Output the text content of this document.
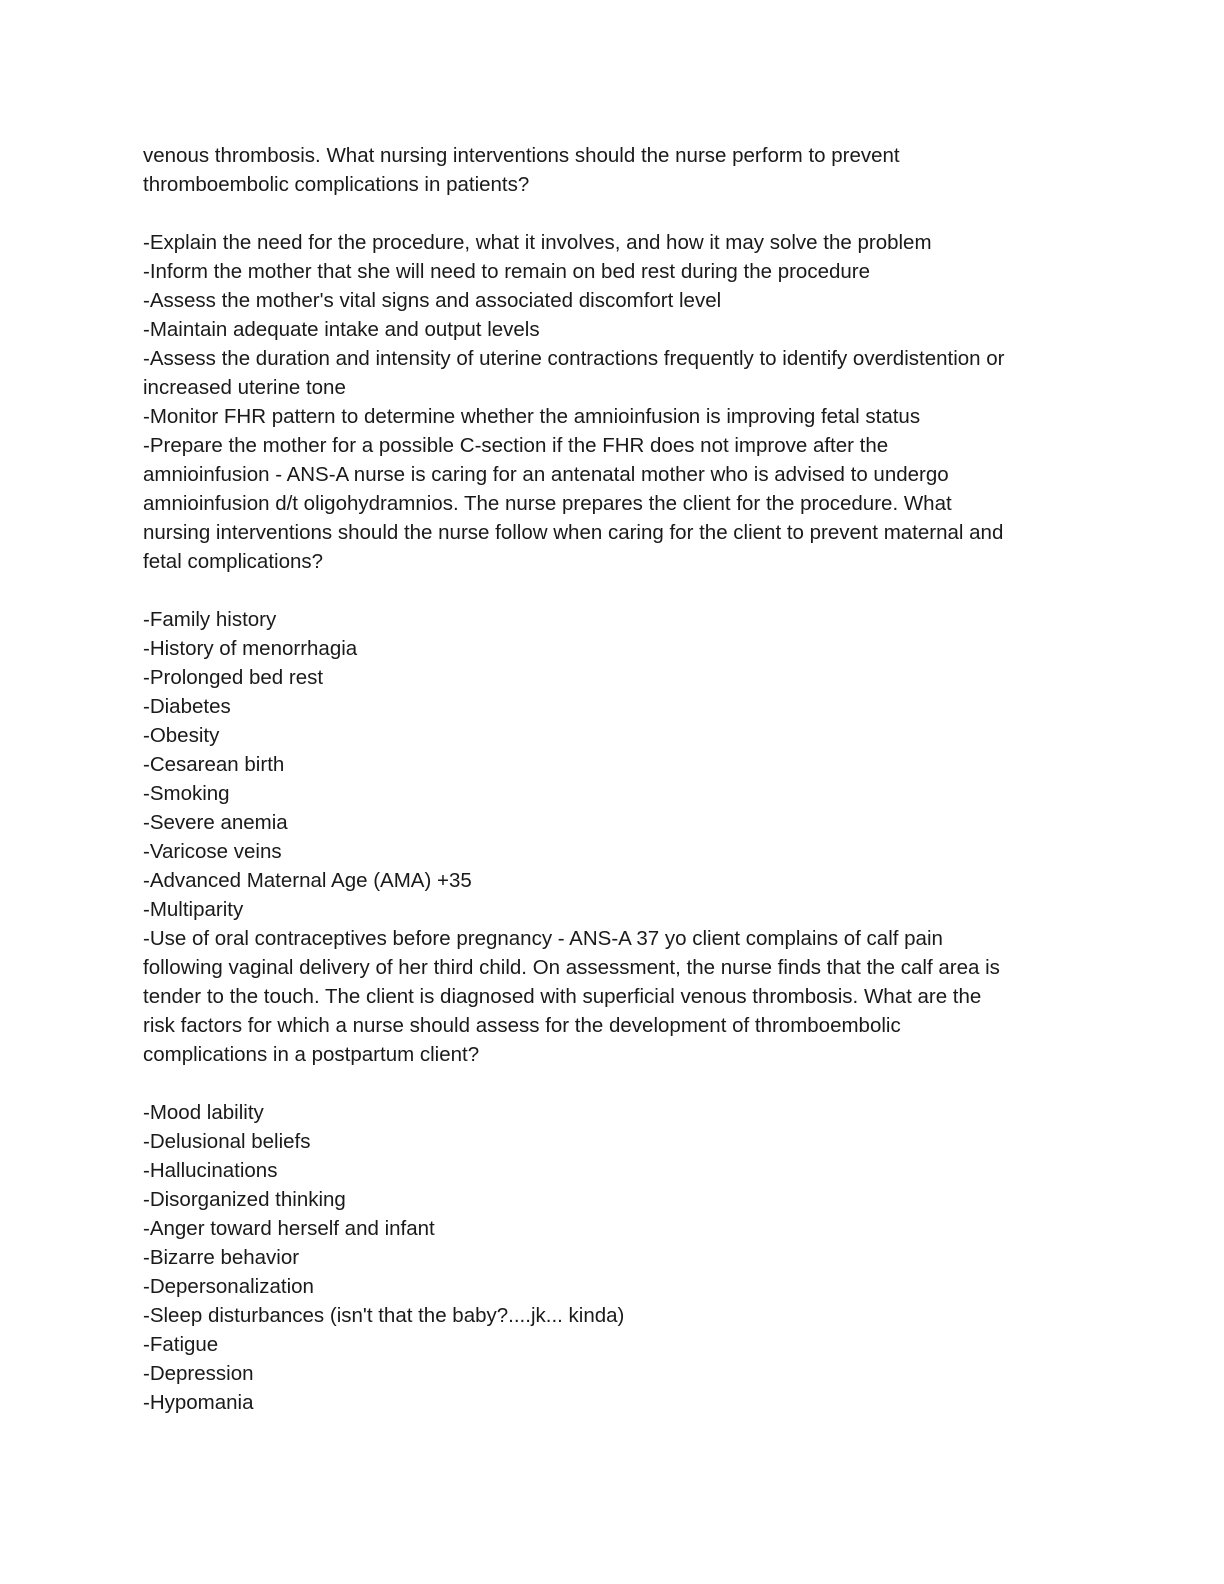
venous thrombosis. What nursing interventions should the nurse perform to prevent
thromboembolic complications in patients?
-Explain the need for the procedure, what it involves, and how it may solve the problem
-Inform the mother that she will need to remain on bed rest during the procedure
-Assess the mother's vital signs and associated discomfort level
-Maintain adequate intake and output levels
-Assess the duration and intensity of uterine contractions frequently to identify overdistention or
increased uterine tone
-Monitor FHR pattern to determine whether the amnioinfusion is improving fetal status
-Prepare the mother for a possible C-section if the FHR does not improve after the
amnioinfusion - ANS-A nurse is caring for an antenatal mother who is advised to undergo
amnioinfusion d/t oligohydramnios. The nurse prepares the client for the procedure. What
nursing interventions should the nurse follow when caring for the client to prevent maternal and
fetal complications?
-Family history
-History of menorrhagia
-Prolonged bed rest
-Diabetes
-Obesity
-Cesarean birth
-Smoking
-Severe anemia
-Varicose veins
-Advanced Maternal Age (AMA) +35
-Multiparity
-Use of oral contraceptives before pregnancy - ANS-A 37 yo client complains of calf pain
following vaginal delivery of her third child. On assessment, the nurse finds that the calf area is
tender to the touch. The client is diagnosed with superficial venous thrombosis. What are the
risk factors for which a nurse should assess for the development of thromboembolic
complications in a postpartum client?
-Mood lability
-Delusional beliefs
-Hallucinations
-Disorganized thinking
-Anger toward herself and infant
-Bizarre behavior
-Depersonalization
-Sleep disturbances (isn't that the baby?....jk... kinda)
-Fatigue
-Depression
-Hypomania
